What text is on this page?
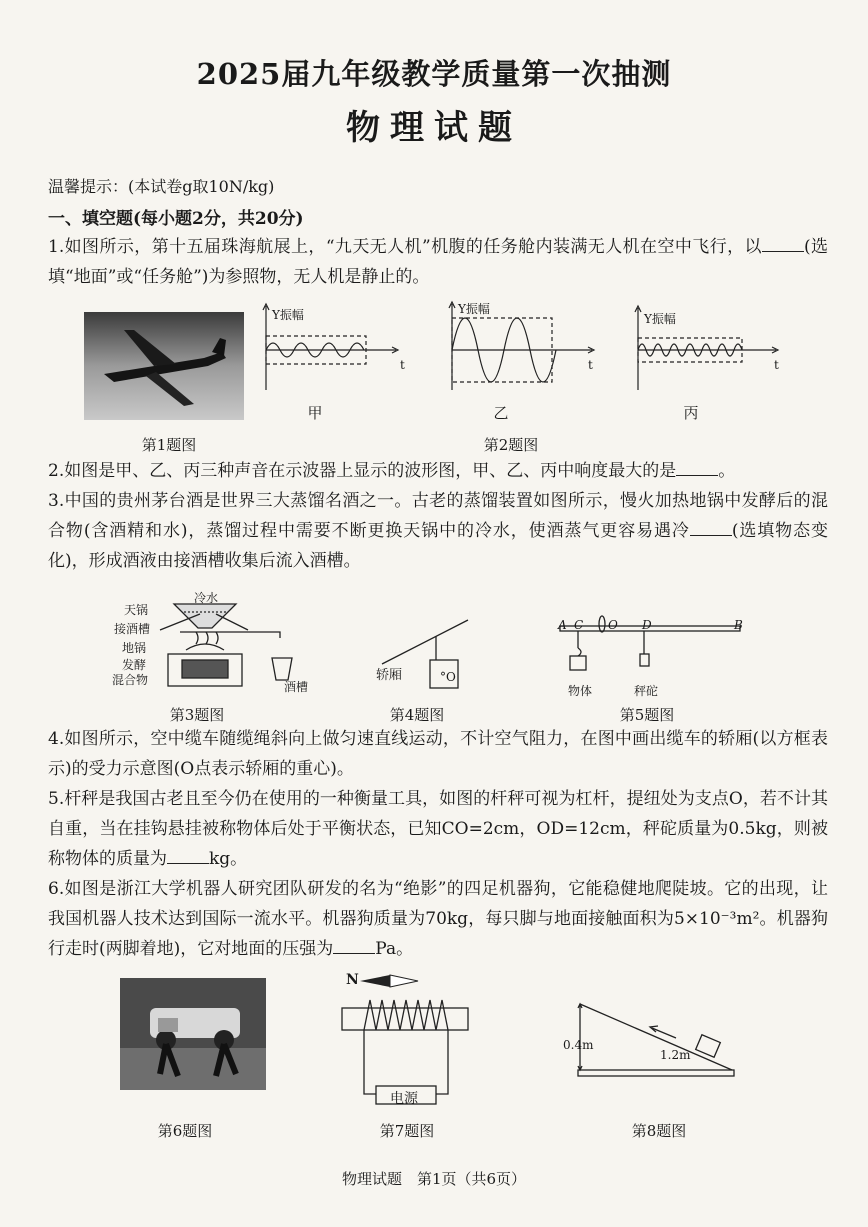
2025届九年级教学质量第一次抽测
物理试题
温馨提示：(本试卷g取10N/kg)
一、填空题(每小题2分，共20分)
1.如图所示，第十五届珠海航展上，“九天无人机”机腹的任务舱内装满无人机在空中飞行，以 (选填“地面”或“任务舱”)为参照物，无人机是静止的。
第1题图
Y振幅	Y振幅
Y振幅
t	t	t
甲	乙	丙
第2题图
2.如图是甲、乙、丙三种声音在示波器上显示的波形图，甲、乙、丙中响度最大的是 。
3.中国的贵州茅台酒是世界三大蒸馏名酒之一。古老的蒸馏装置如图所示，慢火加热地锅中发酵后的混合物(含酒精和水)，蒸馏过程中需要不断更换天锅中的冷水，使酒蒸气更容易遇冷 (选填物态变化)，形成酒液由接酒槽收集后流入酒槽。
冷水
天锅
接酒槽
地锅
发酵
混合物	酒槽
第3题图
轿厢	°O
第4题图
A C O D	B
物体	秤砣
第5题图
4.如图所示，空中缆车随缆绳斜向上做匀速直线运动，不计空气阻力，在图中画出缆车的轿厢(以方框表示)的受力示意图(O点表示轿厢的重心)。
5.杆秤是我国古老且至今仍在使用的一种衡量工具，如图的杆秤可视为杠杆，提纽处为支点O，若不计其自重，当在挂钩悬挂被称物体后处于平衡状态，已知CO=2cm，OD=12cm，秤砣质量为0.5kg，则被称物体的质量为 kg。
6.如图是浙江大学机器人研究团队研发的名为“绝影”的四足机器狗，它能稳健地爬陡坡。它的出现，让我国机器人技术达到国际一流水平。机器狗质量为70kg，每只脚与地面接触面积为5×10⁻³m²。机器狗行走时(两脚着地)，它对地面的压强为 Pa。
第6题图
N
电源
第7题图
0.4m
1.2m
第8题图
物理试题　第1页（共6页）
